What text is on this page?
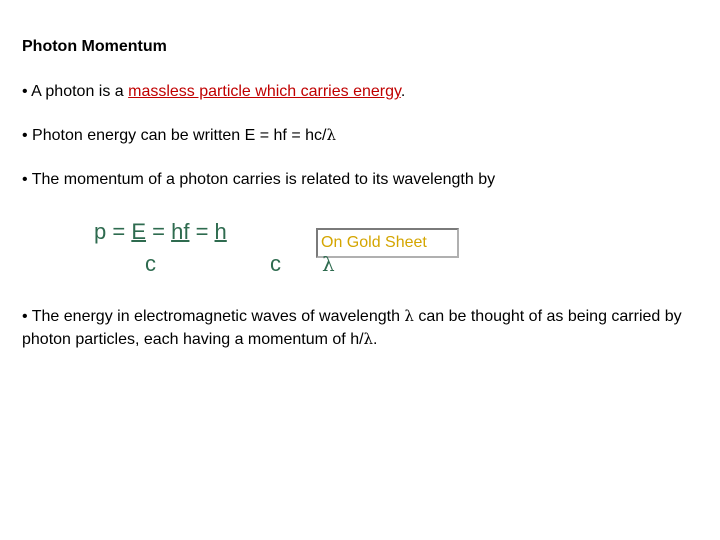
Photon Momentum
• A photon is a massless particle which carries energy.
• Photon energy can be written E = hf = hc/λ
• The momentum of a photon carries is related to its wavelength by
p = E = hf = h
c	c
On Gold Sheet
λ
• The energy in electromagnetic waves of wavelength λ can be thought of as being carried by photon particles, each having a momentum of h/λ.
